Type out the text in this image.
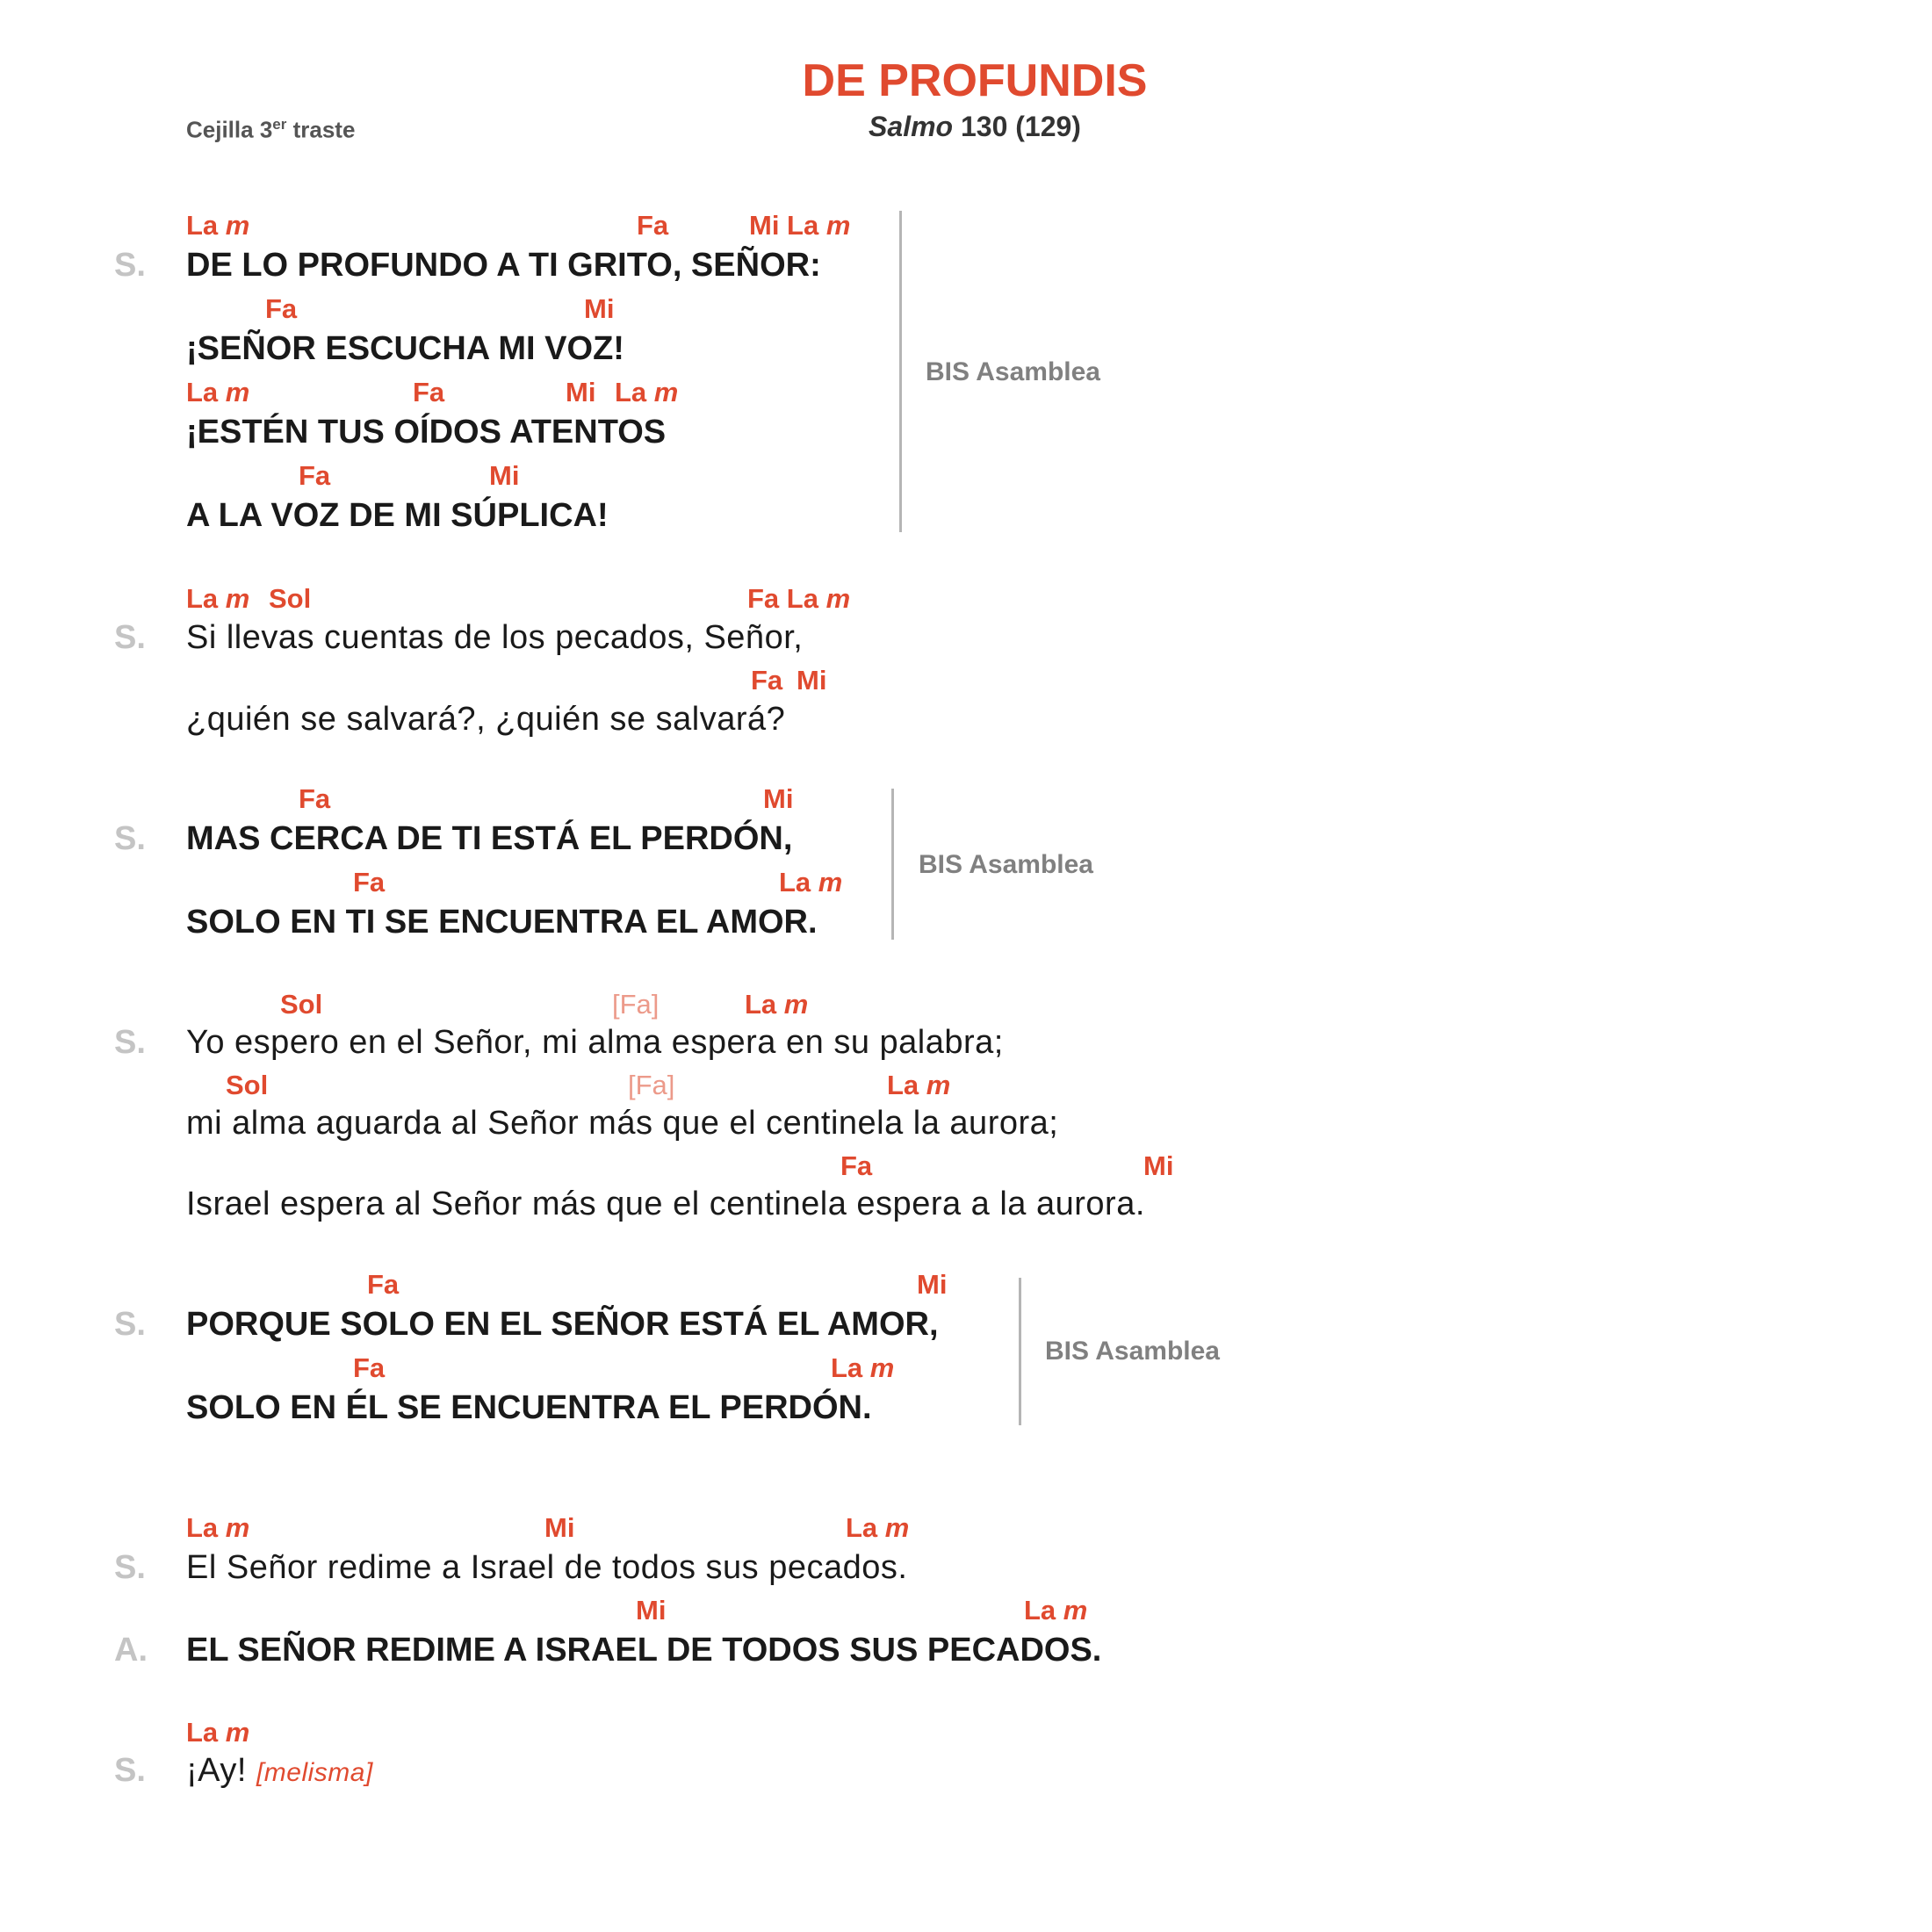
DE PROFUNDIS
Salmo 130 (129)
Cejilla 3er traste
La m	Fa	Mi La m
S. DE LO PROFUNDO A TI GRITO, SEÑOR:
Fa	Mi
¡SEÑOR ESCUCHA MI VOZ!
La m	Fa	Mi La m
¡ESTÉN TUS OÍDOS ATENTOS
Fa	Mi
A LA VOZ DE MI SÚPLICA!
BIS Asamblea
La m Sol	Fa La m
S. Si llevas cuentas de los pecados, Señor,
Fa Mi
¿quién se salvará?, ¿quién se salvará?
Fa	Mi
S. MAS CERCA DE TI ESTÁ EL PERDÓN,
Fa	La m
SOLO EN TI SE ENCUENTRA EL AMOR.
BIS Asamblea
Sol	[Fa]	La m
S. Yo espero en el Señor, mi alma espera en su palabra;
Sol	[Fa]	La m
mi alma aguarda al Señor más que el centinela la aurora;
Fa	Mi
Israel espera al Señor más que el centinela espera a la aurora.
Fa	Mi
S. PORQUE SOLO EN EL SEÑOR ESTÁ EL AMOR,
Fa	La m
SOLO EN ÉL SE ENCUENTRA EL PERDÓN.
BIS Asamblea
La m	Mi	La m
S. El Señor redime a Israel de todos sus pecados.
Mi	La m
A. EL SEÑOR REDIME A ISRAEL DE TODOS SUS PECADOS.
La m
S. ¡Ay! [melisma]
